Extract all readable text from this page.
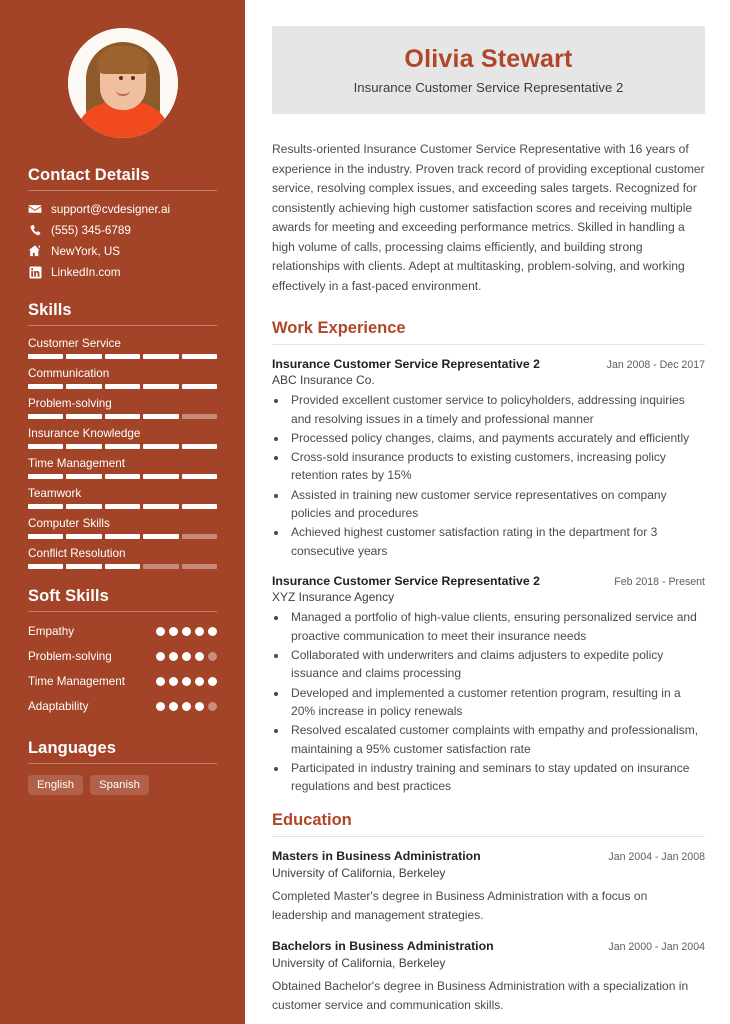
Contact Details
support@cvdesigner.ai
(555) 345-6789
NewYork, US
LinkedIn.com
Skills
Customer Service
Communication
Problem-solving
Insurance Knowledge
Time Management
Teamwork
Computer Skills
Conflict Resolution
Soft Skills
Empathy
Problem-solving
Time Management
Adaptability
Languages
English	Spanish
Olivia Stewart
Insurance Customer Service Representative 2

Results-oriented Insurance Customer Service Representative with 16 years of experience in the industry. Proven track record of providing exceptional customer service, resolving complex issues, and exceeding sales targets. Recognized for consistently achieving high customer satisfaction scores and receiving multiple awards for meeting and exceeding performance metrics. Skilled in handling a high volume of calls, processing claims efficiently, and building strong relationships with clients. Adept at multitasking, problem-solving, and working effectively in a fast-paced environment.

Work Experience
Insurance Customer Service Representative 2	Jan 2008 - Dec 2017
ABC Insurance Co.
• Provided excellent customer service to policyholders, addressing inquiries and resolving issues in a timely and professional manner
• Processed policy changes, claims, and payments accurately and efficiently
• Cross-sold insurance products to existing customers, increasing policy retention rates by 15%
• Assisted in training new customer service representatives on company policies and procedures
• Achieved highest customer satisfaction rating in the department for 3 consecutive years
Insurance Customer Service Representative 2	Feb 2018 - Present
XYZ Insurance Agency
• Managed a portfolio of high-value clients, ensuring personalized service and proactive communication to meet their insurance needs
• Collaborated with underwriters and claims adjusters to expedite policy issuance and claims processing
• Developed and implemented a customer retention program, resulting in a 20% increase in policy renewals
• Resolved escalated customer complaints with empathy and professionalism, maintaining a 95% customer satisfaction rate
• Participated in industry training and seminars to stay updated on insurance regulations and best practices
Education
Masters in Business Administration	Jan 2004 - Jan 2008
University of California, Berkeley
Completed Master's degree in Business Administration with a focus on leadership and management strategies.
Bachelors in Business Administration	Jan 2000 - Jan 2004
University of California, Berkeley
Obtained Bachelor's degree in Business Administration with a specialization in customer service and communication skills.
